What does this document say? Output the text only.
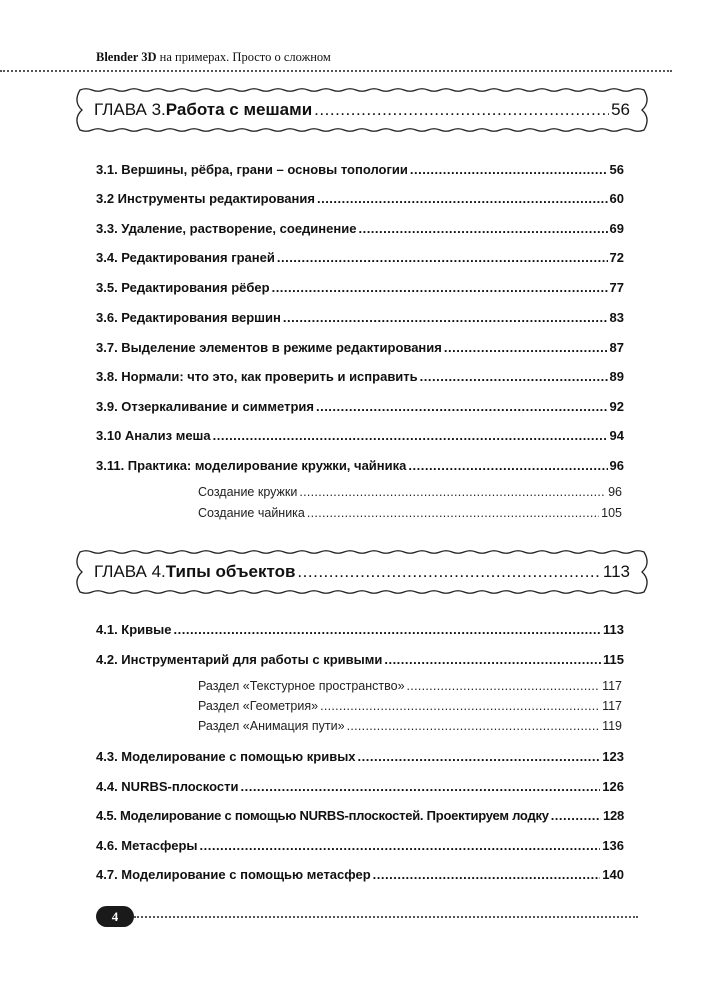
Blender 3D на примерах. Просто о сложном
ГЛАВА 3. Работа с мешами .....	56
3.1. Вершины, рёбра, грани – основы топологии .....	56
3.2 Инструменты редактирования .....	60
3.3. Удаление, растворение, соединение .....	69
3.4. Редактирования граней .....	72
3.5. Редактирования рёбер .....	77
3.6. Редактирования вершин .....	83
3.7. Выделение элементов в режиме редактирования .....	87
3.8. Нормали: что это, как проверить и исправить .....	89
3.9. Отзеркаливание и симметрия .....	92
3.10 Анализ меша .....	94
3.11. Практика: моделирование кружки, чайника .....	96
Создание кружки .....	96
Создание чайника .....	105
ГЛАВА 4. Типы объектов .....	113
4.1. Кривые .....	113
4.2. Инструментарий для работы с кривыми .....	115
Раздел «Текстурное пространство» .....	117
Раздел «Геометрия» .....	117
Раздел «Анимация пути» .....	119
4.3. Моделирование с помощью кривых .....	123
4.4. NURBS-плоскости .....	126
4.5. Моделирование с помощью NURBS-плоскостей. Проектируем лодку .....	128
4.6. Метасферы .....	136
4.7. Моделирование с помощью метасфер .....	140
4
